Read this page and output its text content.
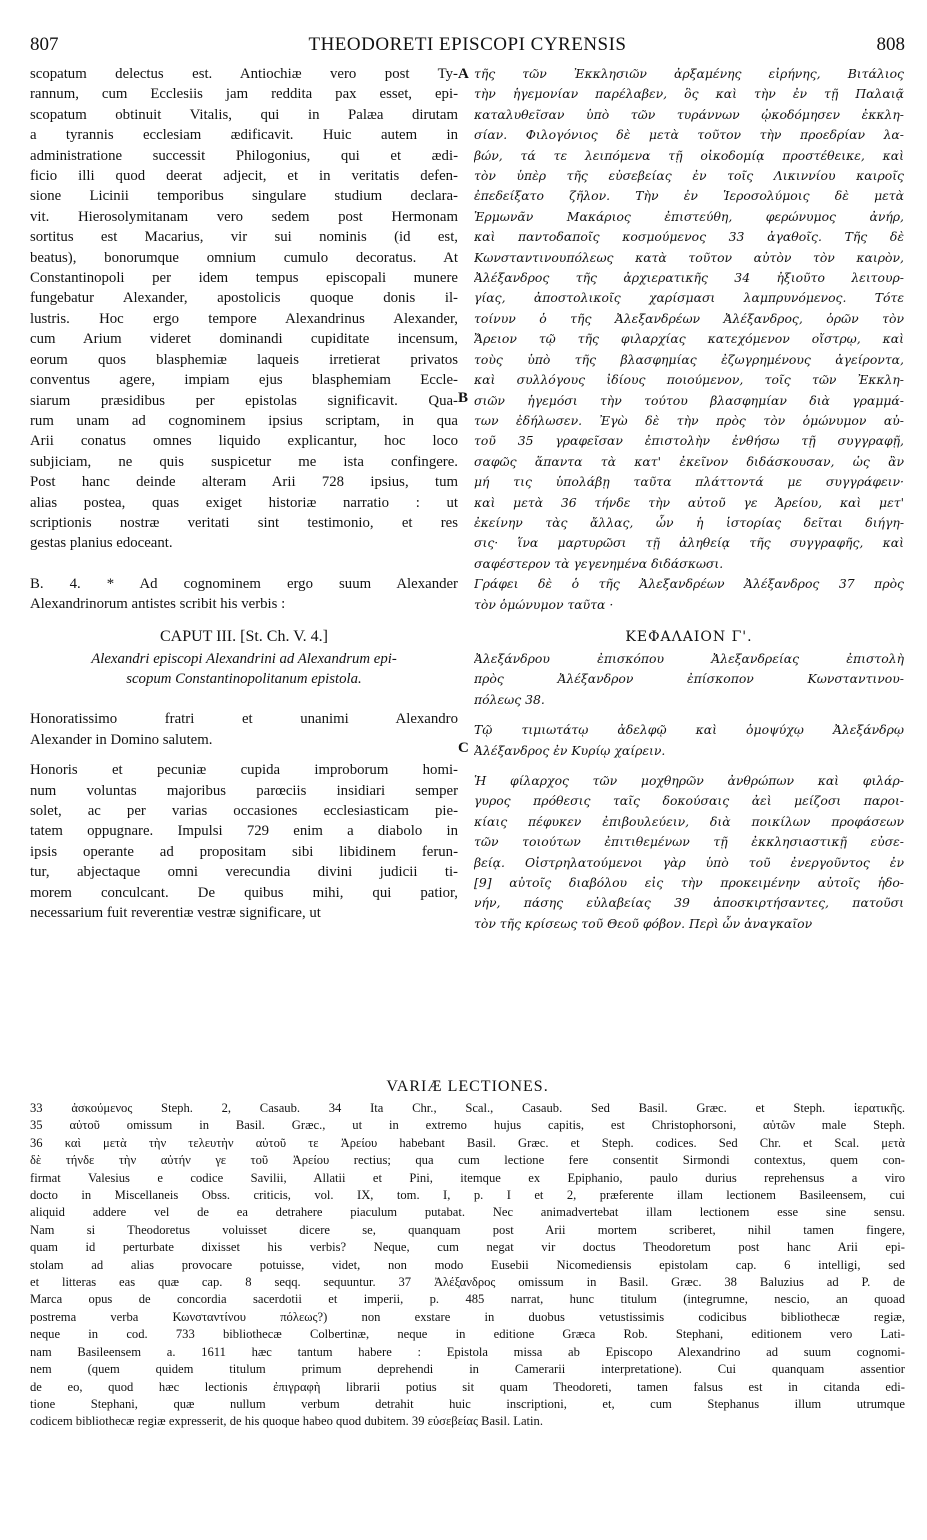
807	THEODORETI EPISCOPI CYRENSIS	808
A
B
C
scopatum delectus est. Antiochiæ vero post Ty-
rannum, cum Ecclesiis jam reddita pax esset, epi-
scopatum obtinuit Vitalis, qui in Palæa dirutam
a tyrannis ecclesiam ædificavit. Huic autem in
administratione successit Philogonius, qui et ædi-
ficio illi quod deerat adjecit, et in veritatis defen-
sione Licinii temporibus singulare studium declara-
vit. Hierosolymitanam vero sedem post Hermonam
sortitus est Macarius, vir sui nominis (id est,
beatus), bonorumque omnium cumulo decoratus. At
Constantinopoli per idem tempus episcopali munere
fungebatur Alexander, apostolicis quoque donis il-
lustris. Hoc ergo tempore Alexandrinus Alexander,
cum Arium videret dominandi cupiditate incensum,
eorum quos blasphemiæ laqueis irretierat privatos
conventus agere, impiam ejus blasphemiam Eccle-
siarum præsidibus per epistolas significavit. Qua-
rum unam ad cognominem ipsius scriptam, in qua
Arii conatus omnes liquido explicantur, hoc loco
subjiciam, ne quis suspicetur me ista confingere.
Post hanc deinde alteram Arii 728 ipsius, tum
alias postea, quas exiget historiæ narratio : ut
scriptionis nostræ veritati sint testimonio, et res
gestas planius edoceant.
B. 4. * Ad cognominem ergo suum Alexander
Alexandrinorum antistes scribit his verbis :
CAPUT III. [St. Ch. V. 4.]
Alexandri episcopi Alexandrini ad Alexandrum epi-
scopum Constantinopolitanum epistola.
Honoratissimo fratri et unanimi Alexandro
Alexander in Domino salutem.
Honoris et pecuniæ cupida improborum homi-
num voluntas majoribus parœciis insidiari semper
solet, ac per varias occasiones ecclesiasticam pie-
tatem oppugnare. Impulsi 729 enim a diabolo in
ipsis operante ad propositam sibi libidinem ferun-
tur, abjectaque omni verecundia divini judicii ti-
morem conculcant. De quibus mihi, qui patior,
necessarium fuit reverentiæ vestræ significare, ut
τῆς τῶν Ἐκκλησιῶν ἀρξαμένης εἰρήνης, Βιτάλιος
τὴν ἡγεμονίαν παρέλαβεν, ὃς καὶ τὴν ἐν τῇ Παλαιᾷ
καταλυθεῖσαν ὑπὸ τῶν τυράννων ᾠκοδόμησεν ἐκκλη-
σίαν. Φιλογόνιος δὲ μετὰ τοῦτον τὴν προεδρίαν λα-
βών, τά τε λειπόμενα τῇ οἰκοδομίᾳ προστέθεικε, καὶ
τὸν ὑπὲρ τῆς εὐσεβείας ἐν τοῖς Λικιννίου καιροῖς
ἐπεδείξατο ζῆλον. Τὴν ἐν Ἱεροσολύμοις δὲ μετὰ
Ἑρμωνᾶν Μακάριος ἐπιστεύθη, φερώνυμος ἀνήρ,
καὶ παντοδαποῖς κοσμούμενος 33 ἀγαθοῖς. Τῆς δὲ
Κωνσταντινουπόλεως κατὰ τοῦτον αὐτὸν τὸν καιρὸν,
Ἀλέξανδρος τῆς ἀρχιερατικῆς 34 ἠξιοῦτο λειτουρ-
γίας, ἀποστολικοῖς χαρίσμασι λαμπρυνόμενος. Τότε
τοίνυν ὁ τῆς Ἀλεξανδρέων Ἀλέξανδρος, ὁρῶν τὸν
Ἄρειον τῷ τῆς φιλαρχίας κατεχόμενον οἴστρῳ, καὶ
τοὺς ὑπὸ τῆς βλασφημίας ἐζωγρημένους ἀγείροντα,
καὶ συλλόγους ἰδίους ποιούμενον, τοῖς τῶν Ἐκκλη-
σιῶν ἡγεμόσι τὴν τούτου βλασφημίαν διὰ γραμμά-
των ἐδήλωσεν. Ἐγὼ δὲ τὴν πρὸς τὸν ὁμώνυμον αὐ-
τοῦ 35 γραφεῖσαν ἐπιστολὴν ἐνθήσω τῇ συγγραφῇ,
σαφῶς ἅπαντα τὰ κατ' ἐκεῖνον διδάσκουσαν, ὡς ἂν
μή τις ὑπολάβῃ ταῦτα πλάττοντά με συγγράφειν·
καὶ μετὰ 36 τήνδε τὴν αὐτοῦ γε Ἀρείου, καὶ μετ'
ἐκείνην τὰς ἄλλας, ὧν ἡ ἱστορίας δεῖται διήγη-
σις· ἵνα μαρτυρῶσι τῇ ἀληθείᾳ τῆς συγγραφῆς, καὶ
σαφέστερον τὰ γεγενημένα διδάσκωσι.
Γράφει δὲ ὁ τῆς Ἀλεξανδρέων Ἀλέξανδρος 37 πρὸς
τὸν ὁμώνυμον ταῦτα ·
ΚΕΦΑΛΑΙΟΝ Γ'.
Ἀλεξάνδρου ἐπισκόπου Ἀλεξανδρείας ἐπιστολὴ
πρὸς Ἀλέξανδρον ἐπίσκοπον Κωνσταντινου-
πόλεως 38.
Τῷ τιμιωτάτῳ ἀδελφῷ καὶ ὁμοψύχῳ Ἀλεξάνδρῳ
Ἀλέξανδρος ἐν Κυρίῳ χαίρειν.
Ἡ φίλαρχος τῶν μοχθηρῶν ἀνθρώπων καὶ φιλάρ-
γυρος πρόθεσις ταῖς δοκούσαις ἀεὶ μείζοσι παροι-
κίαις πέφυκεν ἐπιβουλεύειν, διὰ ποικίλων προφάσεων
τῶν τοιούτων ἐπιτιθεμένων τῇ ἐκκλησιαστικῇ εὐσε-
βείᾳ. Οἰστρηλατούμενοι γὰρ ὑπὸ τοῦ ἐνεργοῦντος ἐν
[9] αὐτοῖς διαβόλου εἰς τὴν προκειμένην αὐτοῖς ἡδο-
νήν, πάσης εὐλαβείας 39 ἀποσκιρτήσαντες, πατοῦσι
τὸν τῆς κρίσεως τοῦ Θεοῦ φόβον. Περὶ ὧν ἀναγκαῖον
VARIÆ LECTIONES.
33 ἀσκούμενος Steph. 2, Casaub. 34 Ita Chr., Scal., Casaub. Sed Basil. Græc. et Steph. ἱερατικῆς.
35 αὐτοῦ omissum in Basil. Græc., ut in extremo hujus capitis, est Christophorsoni, αὐτῶν male Steph.
36 καὶ μετὰ τὴν τελευτὴν αὐτοῦ τε Ἀρείου habebant Basil. Græc. et Steph. codices. Sed Chr. et Scal. μετὰ
δὲ τήνδε τὴν αὐτήν γε τοῦ Ἀρείου rectius; qua cum lectione fere consentit Sirmondi contextus, quem con-
firmat Valesius e codice Savilii, Allatii et Pini, itemque ex Epiphanio, paulo durius reprehensus a viro
docto in Miscellaneis Obss. criticis, vol. IX, tom. I, p. I et 2, præferente illam lectionem Basileensem, cui
aliquid addere vel de ea detrahere piaculum putabat. Nec animadvertebat illam lectionem esse sine sensu.
Nam si Theodoretus voluisset dicere se, quanquam post Arii mortem scriberet, nihil tamen fingere,
quam id perturbate dixisset his verbis? Neque, cum negat vir doctus Theodoretum post hanc Arii epi-
stolam ad alias provocare potuisse, videt, non modo Eusebii Nicomediensis epistolam cap. 6 intelligi, sed
et litteras eas quæ cap. 8 seqq. sequuntur. 37 Ἀλέξανδρος omissum in Basil. Græc. 38 Baluzius ad P. de
Marca opus de concordia sacerdotii et imperii, p. 485 narrat, hunc titulum (integrumne, nescio, an quoad
postrema verba Κωνσταντίνου πόλεως?) non exstare in duobus vetustissimis codicibus bibliothecæ regiæ,
neque in cod. 733 bibliothecæ Colbertinæ, neque in editione Græca Rob. Stephani, editionem vero Lati-
nam Basileensem a. 1611 hæc tantum habere : Epistola missa ab Episcopo Alexandrino ad suum cognomi-
nem (quem quidem titulum primum deprehendi in Camerarii interpretatione). Cui quanquam assentior
de eo, quod hæc lectionis ἐπιγραφὴ librarii potius sit quam Theodoreti, tamen falsus est in citanda edi-
tione Stephani, quæ nullum verbum detrahit huic inscriptioni, et, cum Stephanus illum utrumque
codicem bibliothecæ regiæ expresserit, de his quoque habeo quod dubitem. 39 εὐσεβείας Basil. Latin.
